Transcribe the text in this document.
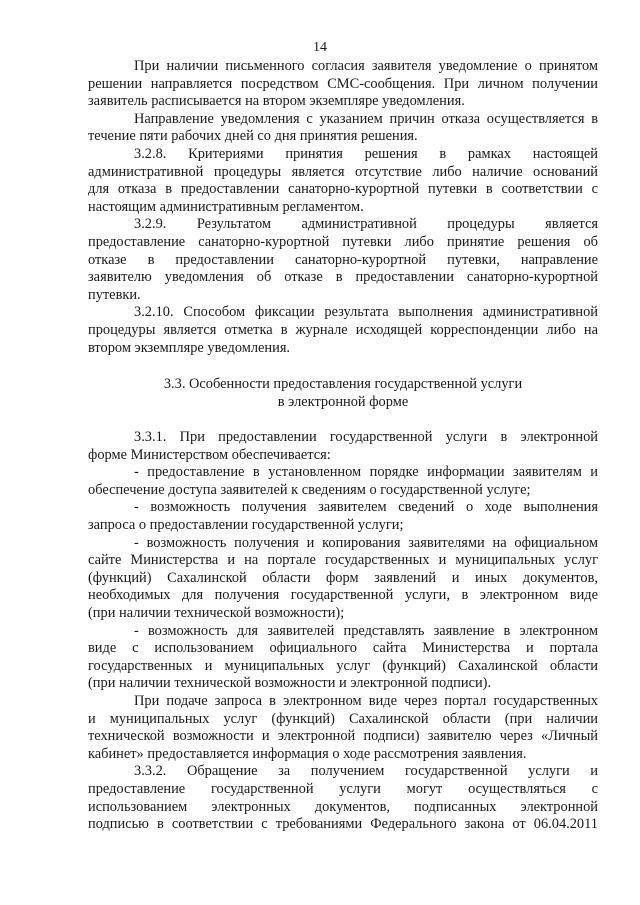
14
При наличии письменного согласия заявителя уведомление о принятом
решении направляется посредством СМС-сообщения. При личном получении
заявитель расписывается на втором экземпляре уведомления.
Направление уведомления с указанием причин отказа осуществляется в
течение пяти рабочих дней со дня принятия решения.
3.2.8. Критериями принятия решения в рамках настоящей
административной процедуры является отсутствие либо наличие оснований
для отказа в предоставлении санаторно-курортной путевки в соответствии с
настоящим административным регламентом.
3.2.9. Результатом административной процедуры является
предоставление санаторно-курортной путевки либо принятие решения об
отказе в предоставлении санаторно-курортной путевки, направление
заявителю уведомления об отказе в предоставлении санаторно-курортной
путевки.
3.2.10. Способом фиксации результата выполнения административной
процедуры является отметка в журнале исходящей корреспонденции либо на
втором экземпляре уведомления.

3.3. Особенности предоставления государственной услуги
в электронной форме

3.3.1. При предоставлении государственной услуги в электронной
форме Министерством обеспечивается:
- предоставление в установленном порядке информации заявителям и
обеспечение доступа заявителей к сведениям о государственной услуге;
- возможность получения заявителем сведений о ходе выполнения
запроса о предоставлении государственной услуги;
- возможность получения и копирования заявителями на официальном
сайте Министерства и на портале государственных и муниципальных услуг
(функций) Сахалинской области форм заявлений и иных документов,
необходимых для получения государственной услуги, в электронном виде
(при наличии технической возможности);
- возможность для заявителей представлять заявление в электронном
виде с использованием официального сайта Министерства и портала
государственных и муниципальных услуг (функций) Сахалинской области
(при наличии технической возможности и электронной подписи).
При подаче запроса в электронном виде через портал государственных
и муниципальных услуг (функций) Сахалинской области (при наличии
технической возможности и электронной подписи) заявителю через «Личный
кабинет» предоставляется информация о ходе рассмотрения заявления.
3.3.2. Обращение за получением государственной услуги и
предоставление государственной услуги могут осуществляться с
использованием электронных документов, подписанных электронной
подписью в соответствии с требованиями Федерального закона от 06.04.2011
